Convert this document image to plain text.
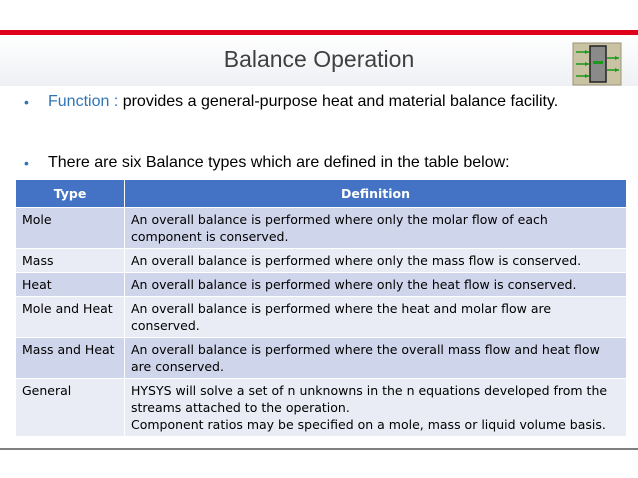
Balance Operation
• Function : provides a general-purpose heat and material balance facility.
• There are six Balance types which are defined in the table below:
Type	Definition
Mole	An overall balance is performed where only the molar flow of each component is conserved.

Mass	An overall balance is performed where only the mass flow is conserved.

Heat	An overall balance is performed where only the heat flow is conserved.

Mole and Heat	An overall balance is performed where the heat and molar flow are conserved.

Mass and Heat	An overall balance is performed where the overall mass flow and heat flow are conserved.

General	HYSYS will solve a set of n unknowns in the n equations developed from the streams attached to the operation.
Component ratios may be specified on a mole, mass or liquid volume basis.
